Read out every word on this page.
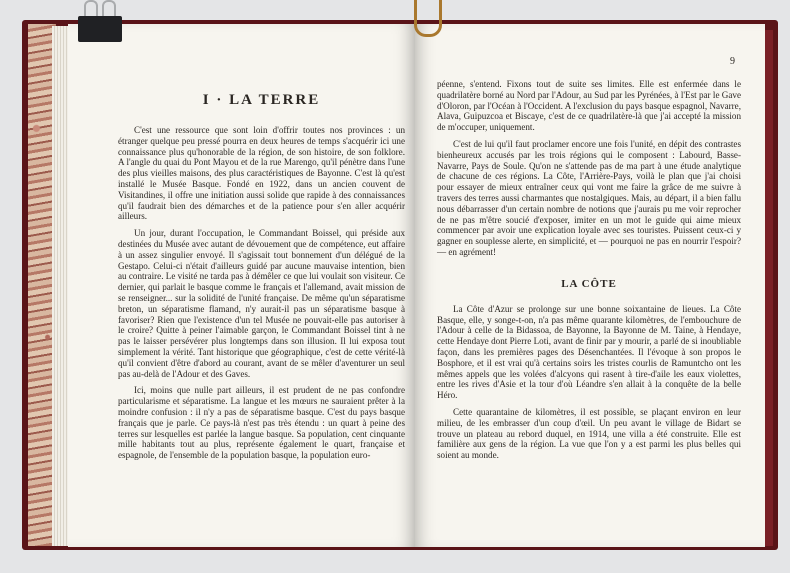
I · LA TERRE

C'est une ressource que sont loin d'offrir toutes nos provinces : un étranger quelque peu pressé pourra en deux heures de temps s'acquérir ici une connaissance plus qu'honorable de la région, de son histoire, de son folklore. A l'angle du quai du Pont Mayou et de la rue Marengo, qu'il pénètre dans l'une des plus vieilles maisons, des plus caractéristiques de Bayonne. C'est là qu'est installé le Musée Basque. Fondé en 1922, dans un ancien couvent de Visitandines, il offre une initiation aussi solide que rapide à des connaissances qu'il faudrait bien des démarches et de la patience pour s'en aller acquérir ailleurs.

Un jour, durant l'occupation, le Commandant Boissel, qui préside aux destinées du Musée avec autant de dévouement que de compétence, eut affaire à un assez singulier envoyé. Il s'agissait tout bonnement d'un délégué de la Gestapo. Celui-ci n'était d'ailleurs guidé par aucune mauvaise intention, bien au contraire. Le visité ne tarda pas à démêler ce que lui voulait son visiteur. Ce dernier, qui parlait le basque comme le français et l'allemand, avait mission de se renseigner... sur la solidité de l'unité française. De même qu'un séparatisme breton, un séparatisme flamand, n'y aurait-il pas un séparatisme basque à favoriser? Rien que l'existence d'un tel Musée ne pouvait-elle pas autoriser à le croire? Quitte à peiner l'aimable garçon, le Commandant Boissel tint à ne pas le laisser persévérer plus longtemps dans son illusion. Il lui exposa tout simplement la vérité. Tant historique que géographique, c'est de cette vérité-là qu'il convient d'être d'abord au courant, avant de se mêler d'aventurer un seul pas au-delà de l'Adour et des Gaves.

Ici, moins que nulle part ailleurs, il est prudent de ne pas confondre particularisme et séparatisme. La langue et les mœurs ne sauraient prêter à la moindre confusion : il n'y a pas de séparatisme basque. C'est du pays basque français que je parle. Ce pays-là n'est pas très étendu : un quart à peine des terres sur lesquelles est parlée la langue basque. Sa population, cent cinquante mille habitants tout au plus, représente également le quart, française et espagnole, de l'ensemble de la population basque, la population euro-

9

péenne, s'entend. Fixons tout de suite ses limites. Elle est enfermée dans le quadrilatère borné au Nord par l'Adour, au Sud par les Pyrénées, à l'Est par le Gave d'Oloron, par l'Océan à l'Occident. A l'exclusion du pays basque espagnol, Navarre, Alava, Guipuzcoa et Biscaye, c'est de ce quadrilatère-là que j'ai accepté la mission de m'occuper, uniquement.

C'est de lui qu'il faut proclamer encore une fois l'unité, en dépit des contrastes bienheureux accusés par les trois régions qui le composent : Labourd, Basse-Navarre, Pays de Soule. Qu'on ne s'attende pas de ma part à une étude analytique de chacune de ces régions. La Côte, l'Arrière-Pays, voilà le plan que j'ai choisi pour essayer de mieux entraîner ceux qui vont me faire la grâce de me suivre à travers des terres aussi charmantes que nostalgiques. Mais, au départ, il a bien fallu nous débarrasser d'un certain nombre de notions que j'aurais pu me voir reprocher de ne pas m'être soucié d'exposer, imiter en un mot le guide qui aime mieux commencer par avoir une explication loyale avec ses touristes. Puissent ceux-ci y gagner en souplesse alerte, en simplicité, et — pourquoi ne pas en nourrir l'espoir? — en agrément!

LA CÔTE

La Côte d'Azur se prolonge sur une bonne soixantaine de lieues. La Côte Basque, elle, y songe-t-on, n'a pas même quarante kilomètres, de l'embouchure de l'Adour à celle de la Bidassoa, de Bayonne, la Bayonne de M. Taine, à Hendaye, cette Hendaye dont Pierre Loti, avant de finir par y mourir, a parlé de si inoubliable façon, dans les premières pages des Désenchantées. Il l'évoque à son propos le Bosphore, et il est vrai qu'à certains soirs les tristes courlis de Ramuntcho ont les mêmes appels que les volées d'alcyons qui rasent à tire-d'aile les eaux violettes, entre les rives d'Asie et la tour d'où Léandre s'en allait à la conquête de la belle Héro.

Cette quarantaine de kilomètres, il est possible, se plaçant environ en leur milieu, de les embrasser d'un coup d'œil. Un peu avant le village de Bidart se trouve un plateau au rebord duquel, en 1914, une villa a été construite. Elle est familière aux gens de la région. La vue que l'on y a est parmi les plus belles qui soient au monde.
